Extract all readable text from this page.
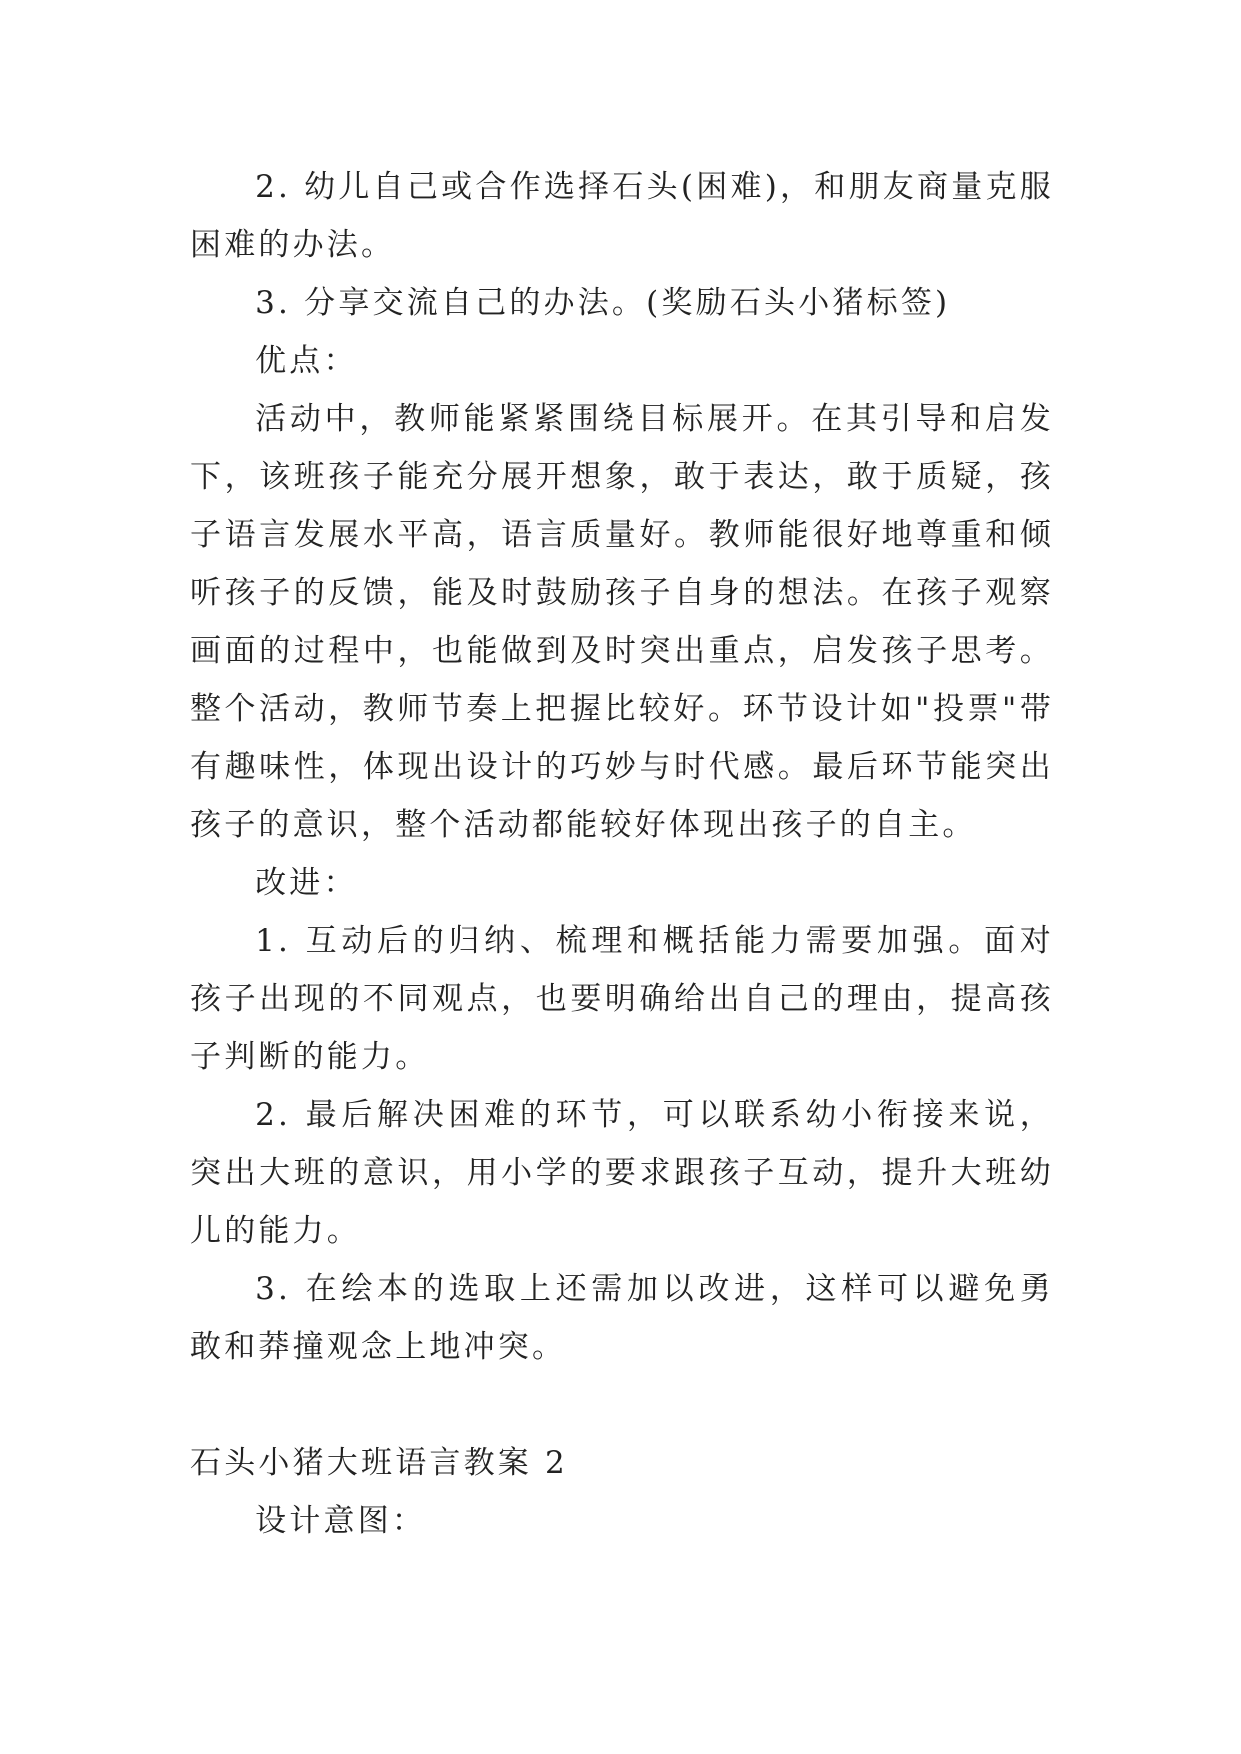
2. 幼儿自己或合作选择石头(困难)，和朋友商量克服困难的办法。

3. 分享交流自己的办法。(奖励石头小猪标签)

优点：

活动中，教师能紧紧围绕目标展开。在其引导和启发下，该班孩子能充分展开想象，敢于表达，敢于质疑，孩子语言发展水平高，语言质量好。教师能很好地尊重和倾听孩子的反馈，能及时鼓励孩子自身的想法。在孩子观察画面的过程中，也能做到及时突出重点，启发孩子思考。整个活动，教师节奏上把握比较好。环节设计如"投票"带有趣味性，体现出设计的巧妙与时代感。最后环节能突出孩子的意识，整个活动都能较好体现出孩子的自主。

改进：

1. 互动后的归纳、梳理和概括能力需要加强。面对孩子出现的不同观点，也要明确给出自己的理由，提高孩子判断的能力。

2. 最后解决困难的环节，可以联系幼小衔接来说，突出大班的意识，用小学的要求跟孩子互动，提升大班幼儿的能力。

3. 在绘本的选取上还需加以改进，这样可以避免勇敢和莽撞观念上地冲突。

石头小猪大班语言教案 2

设计意图：
